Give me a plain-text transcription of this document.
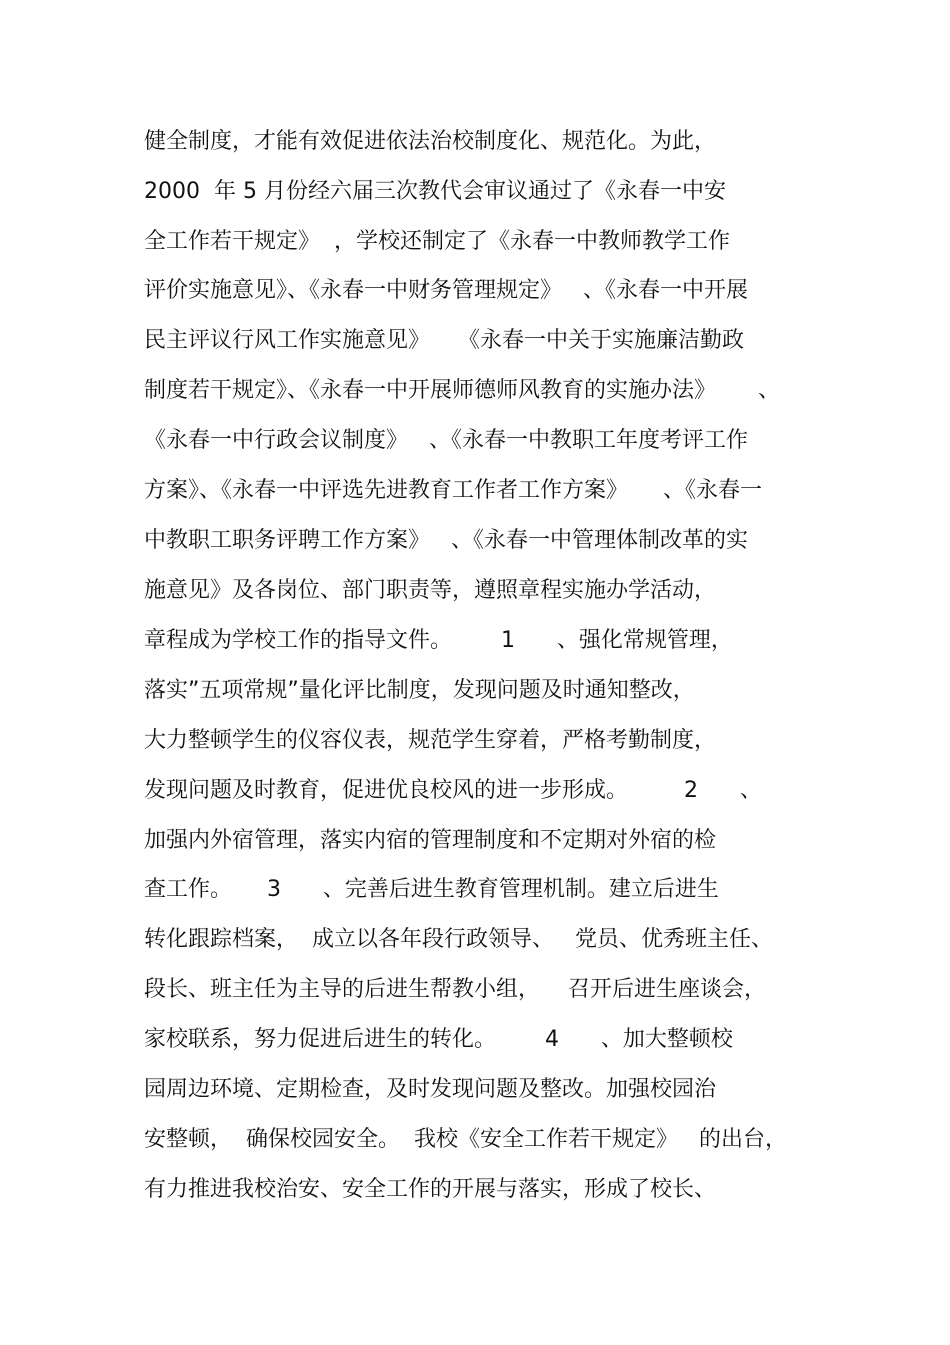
健全制度，才能有效促进依法治校制度化、规范化。为此，
2000  年 5 月份经六届三次教代会审议通过了《永春一中安
全工作若干规定》  ，学校还制定了《永春一中教师教学工作
评价实施意见》、《永春一中财务管理规定》   、《永春一中开展
民主评议行风工作实施意见》    《永春一中关于实施廉洁勤政
制度若干规定》、《永春一中开展师德师风教育的实施办法》      、
《永春一中行政会议制度》   、《永春一中教职工年度考评工作
方案》、《永春一中评选先进教育工作者工作方案》     、《永春一
中教职工职务评聘工作方案》   、《永春一中管理体制改革的实
施意见》及各岗位、部门职责等，遵照章程实施办学活动，
章程成为学校工作的指导文件。       1      、强化常规管理，
落实”五项常规”量化评比制度，发现问题及时通知整改，
大力整顿学生的仪容仪表，规范学生穿着，严格考勤制度，
发现问题及时教育，促进优良校风的进一步形成。        2      、
加强内外宿管理，落实内宿的管理制度和不定期对外宿的检
查工作。     3      、完善后进生教育管理机制。建立后进生
转化跟踪档案，  成立以各年段行政领导、   党员、优秀班主任、
段长、班主任为主导的后进生帮教小组，    召开后进生座谈会，
家校联系，努力促进后进生的转化。       4      、加大整顿校
园周边环境、定期检查，及时发现问题及整改。加强校园治
安整顿，  确保校园安全。  我校《安全工作若干规定》   的出台，
有力推进我校治安、安全工作的开展与落实，形成了校长、
